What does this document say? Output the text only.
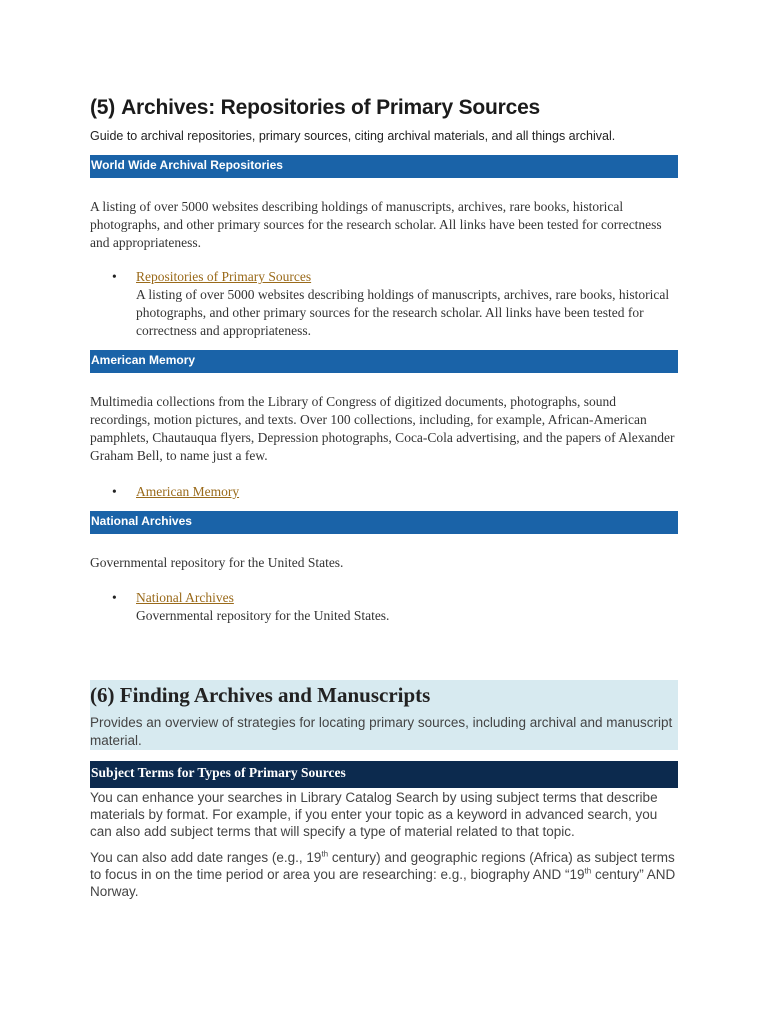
(5) Archives: Repositories of Primary Sources

Guide to archival repositories, primary sources, citing archival materials, and all things archival.

World Wide Archival Repositories

A listing of over 5000 websites describing holdings of manuscripts, archives, rare books, historical photographs, and other primary sources for the research scholar. All links have been tested for correctness and appropriateness.

• Repositories of Primary Sources
A listing of over 5000 websites describing holdings of manuscripts, archives, rare books, historical photographs, and other primary sources for the research scholar. All links have been tested for correctness and appropriateness.
American Memory

Multimedia collections from the Library of Congress of digitized documents, photographs, sound recordings, motion pictures, and texts. Over 100 collections, including, for example, African-American pamphlets, Chautauqua flyers, Depression photographs, Coca-Cola advertising, and the papers of Alexander Graham Bell, to name just a few.

• American Memory
National Archives

Governmental repository for the United States.

• National Archives
Governmental repository for the United States.
(6) Finding Archives and Manuscripts

Provides an overview of strategies for locating primary sources, including archival and manuscript material.

Subject Terms for Types of Primary Sources

You can enhance your searches in Library Catalog Search by using subject terms that describe materials by format. For example, if you enter your topic as a keyword in advanced search, you can also add subject terms that will specify a type of material related to that topic.

You can also add date ranges (e.g., 19th century) and geographic regions (Africa) as subject terms to focus in on the time period or area you are researching: e.g., biography AND “19th century” AND Norway.
